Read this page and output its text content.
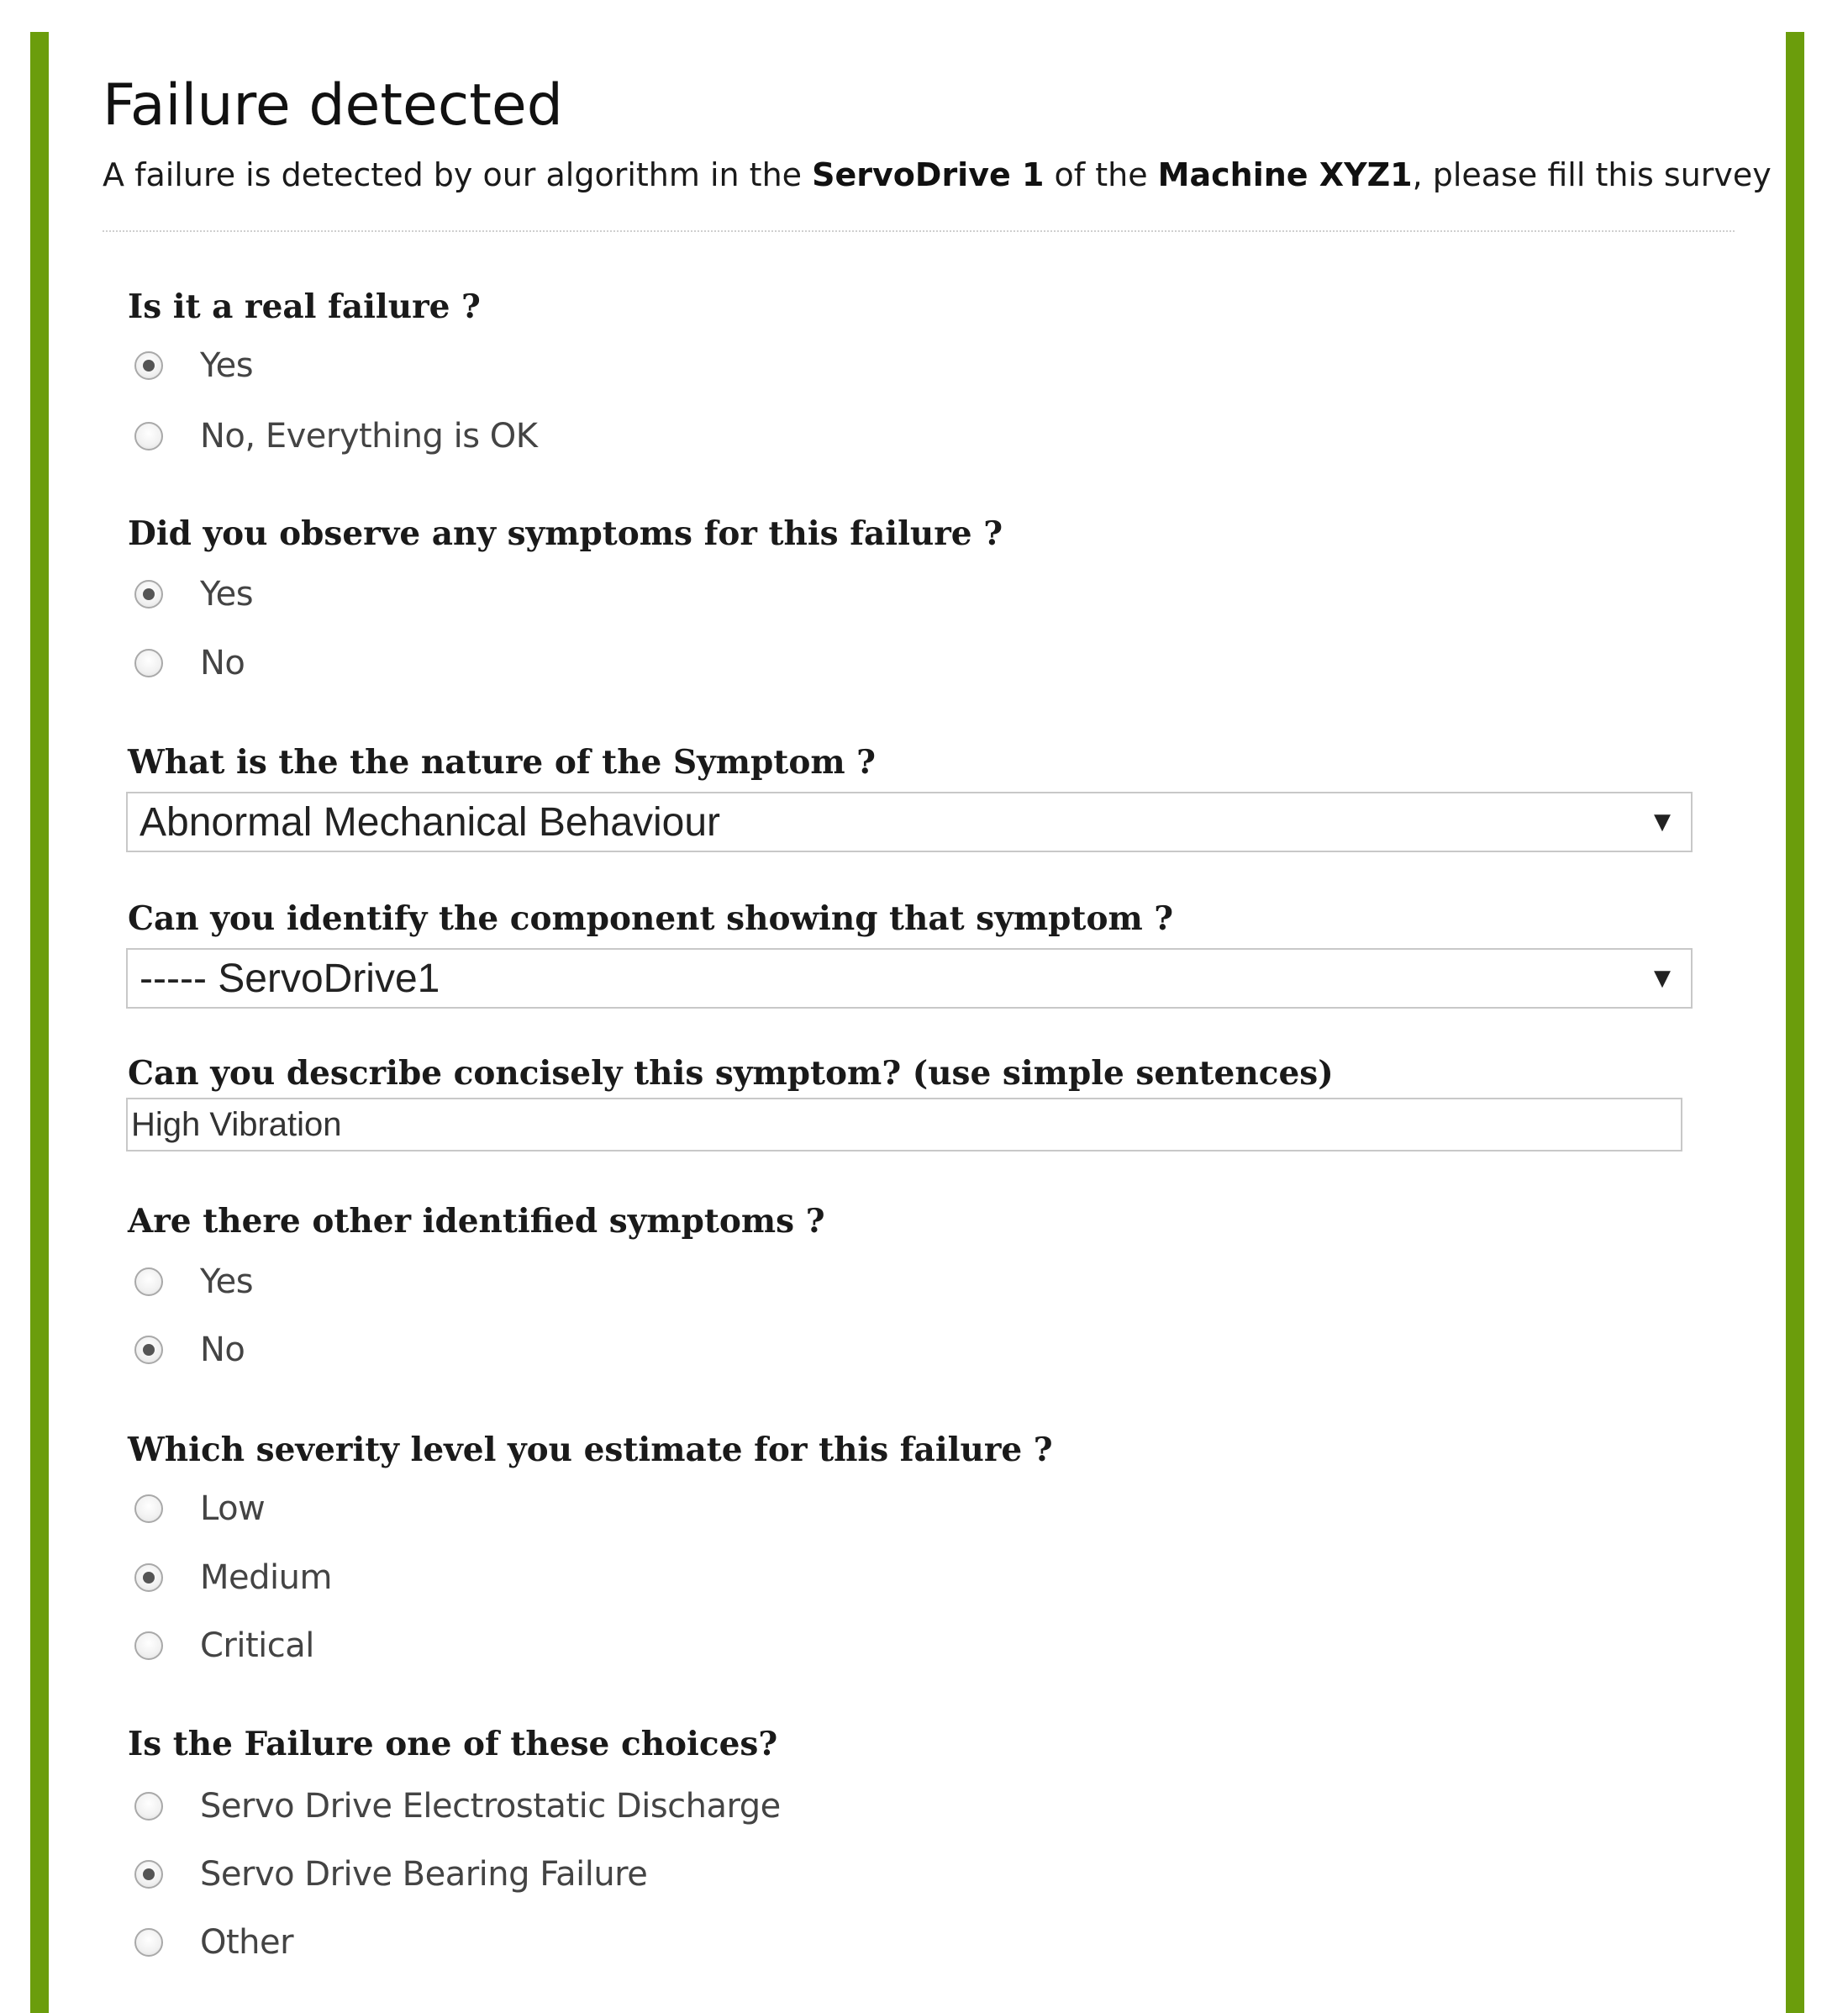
Failure detected
A failure is detected by our algorithm in the ServoDrive 1 of the Machine XYZ1, please fill this survey
Is it a real failure ?
Yes
No, Everything is OK
Did you observe any symptoms for this failure ?
Yes
No
What is the the nature of the Symptom ?
Abnormal Mechanical Behaviour	▼
Can you identify the component showing that symptom ?
----- ServoDrive1	▼
Can you describe concisely this symptom? (use simple sentences)
High Vibration
Are there other identified symptoms ?
Yes
No
Which severity level you estimate for this failure ?
Low
Medium
Critical
Is the Failure one of these choices?
Servo Drive Electrostatic Discharge
Servo Drive Bearing Failure
Other
